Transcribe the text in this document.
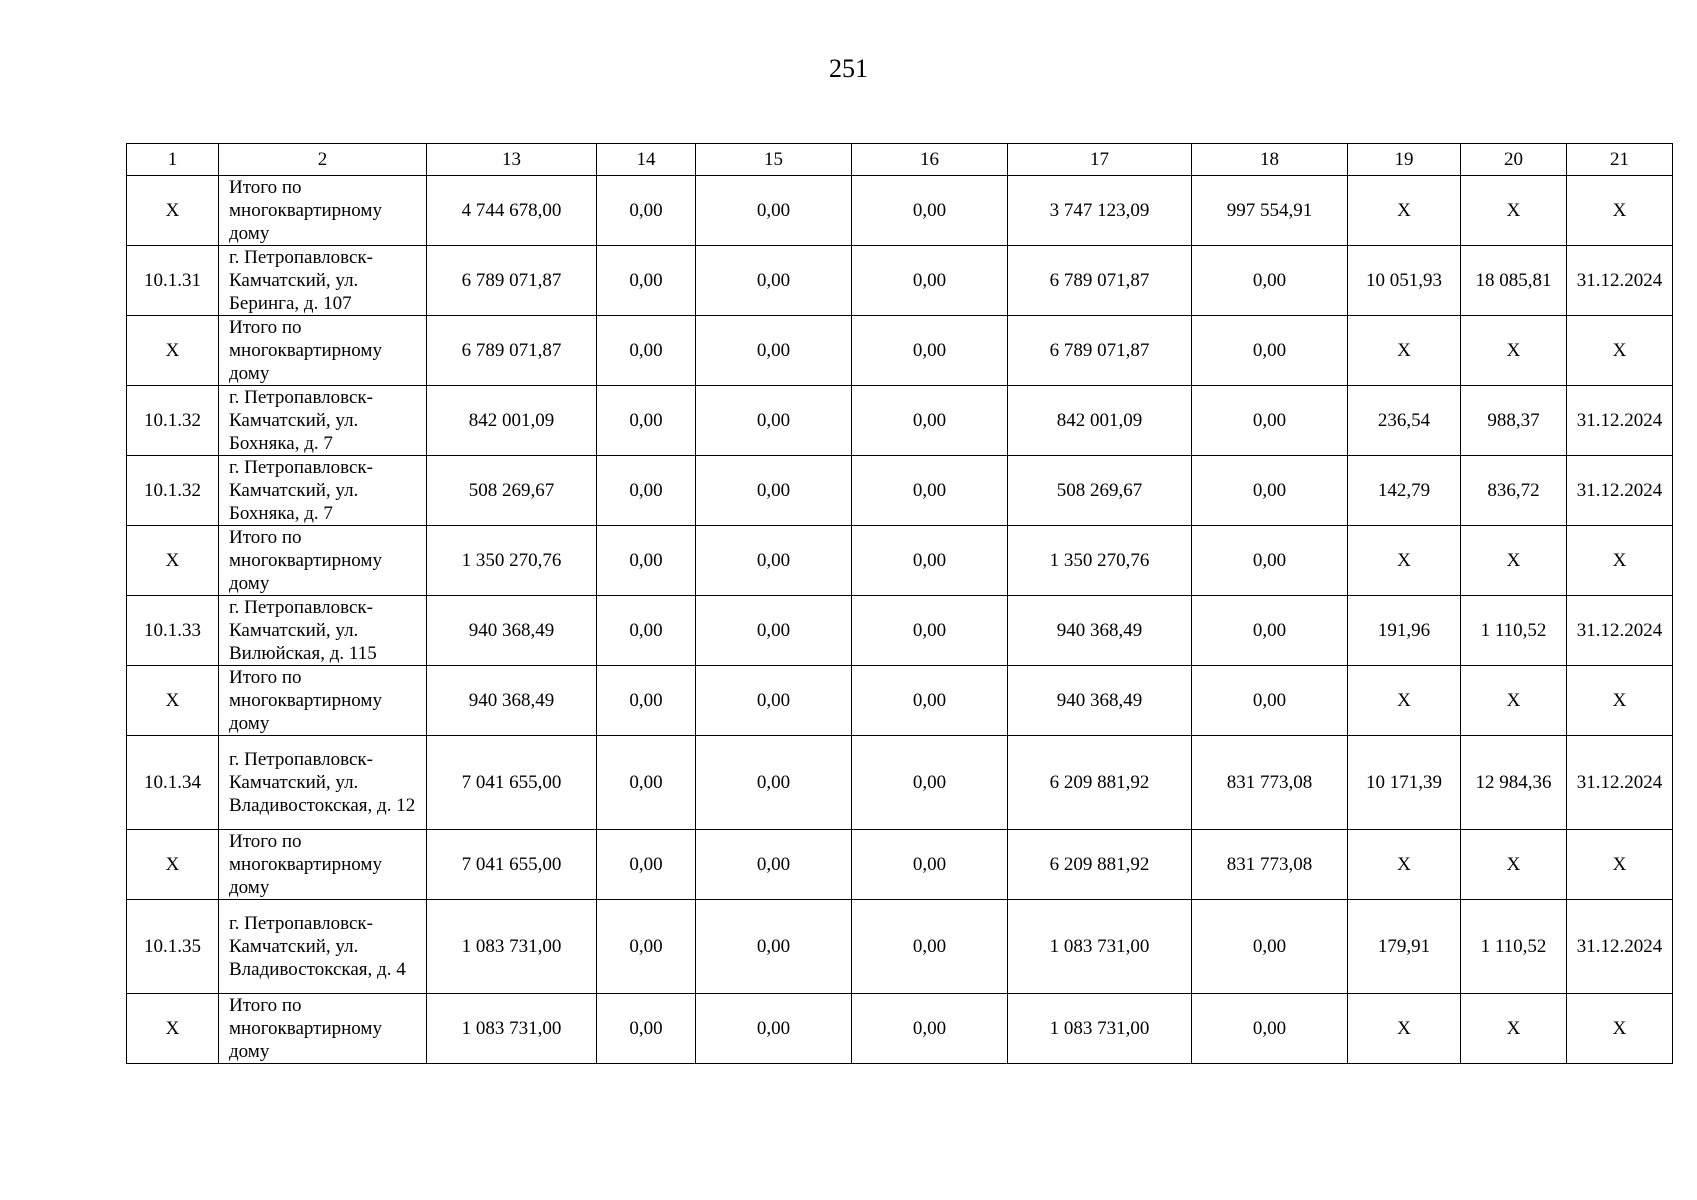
251
1	2	13	14	15	16	17	18	19	20	21
X	Итого по многоквартирному дому	4 744 678,00	0,00	0,00	0,00	3 747 123,09	997 554,91	X	X	X
10.1.31	г. Петропавловск-Камчатский, ул. Беринга, д. 107	6 789 071,87	0,00	0,00	0,00	6 789 071,87	0,00	10 051,93	18 085,81	31.12.2024
X	Итого по многоквартирному дому	6 789 071,87	0,00	0,00	0,00	6 789 071,87	0,00	X	X	X
10.1.32	г. Петропавловск-Камчатский, ул. Бохняка, д. 7	842 001,09	0,00	0,00	0,00	842 001,09	0,00	236,54	988,37	31.12.2024
10.1.32	г. Петропавловск-Камчатский, ул. Бохняка, д. 7	508 269,67	0,00	0,00	0,00	508 269,67	0,00	142,79	836,72	31.12.2024
X	Итого по многоквартирному дому	1 350 270,76	0,00	0,00	0,00	1 350 270,76	0,00	X	X	X
10.1.33	г. Петропавловск-Камчатский, ул. Вилюйская, д. 115	940 368,49	0,00	0,00	0,00	940 368,49	0,00	191,96	1 110,52	31.12.2024
X	Итого по многоквартирному дому	940 368,49	0,00	0,00	0,00	940 368,49	0,00	X	X	X
10.1.34	г. Петропавловск-Камчатский, ул. Владивостокская, д. 12	7 041 655,00	0,00	0,00	0,00	6 209 881,92	831 773,08	10 171,39	12 984,36	31.12.2024
X	Итого по многоквартирному дому	7 041 655,00	0,00	0,00	0,00	6 209 881,92	831 773,08	X	X	X
10.1.35	г. Петропавловск-Камчатский, ул. Владивостокская, д. 4	1 083 731,00	0,00	0,00	0,00	1 083 731,00	0,00	179,91	1 110,52	31.12.2024
X	Итого по многоквартирному дому	1 083 731,00	0,00	0,00	0,00	1 083 731,00	0,00	X	X	X
